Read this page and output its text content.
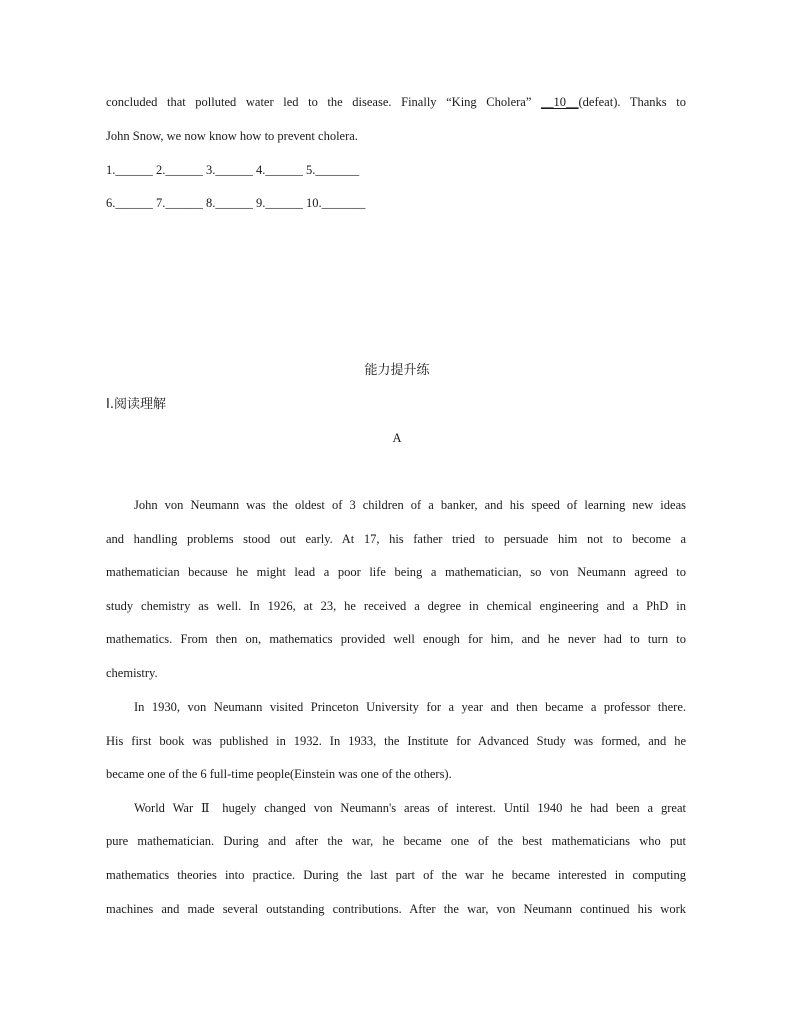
concluded that polluted water led to the disease. Finally “King Cholera” __10__(defeat). Thanks to
John Snow, we now know how to prevent cholera.
1.______ 2.______ 3.______ 4.______ 5._______
6.______ 7.______ 8.______ 9.______ 10._______
能力提升练
Ⅰ.阅读理解
A
John von Neumann was the oldest of 3 children of a banker, and his speed of learning new ideas
and handling problems stood out early. At 17, his father tried to persuade him not to become a
mathematician because he might lead a poor life being a mathematician, so von Neumann agreed to
study chemistry as well. In 1926, at 23, he received a degree in chemical engineering and a PhD in
mathematics. From then on, mathematics provided well enough for him, and he never had to turn to
chemistry.
In 1930, von Neumann visited Princeton University for a year and then became a professor there.
His first book was published in 1932. In 1933, the Institute for Advanced Study was formed, and he
became one of the 6 full-time people(Einstein was one of the others).
World War Ⅱ hugely changed von Neumann's areas of interest. Until 1940 he had been a great
pure mathematician. During and after the war, he became one of the best mathematicians who put
mathematics theories into practice. During the last part of the war he became interested in computing
machines and made several outstanding contributions. After the war, von Neumann continued his work
